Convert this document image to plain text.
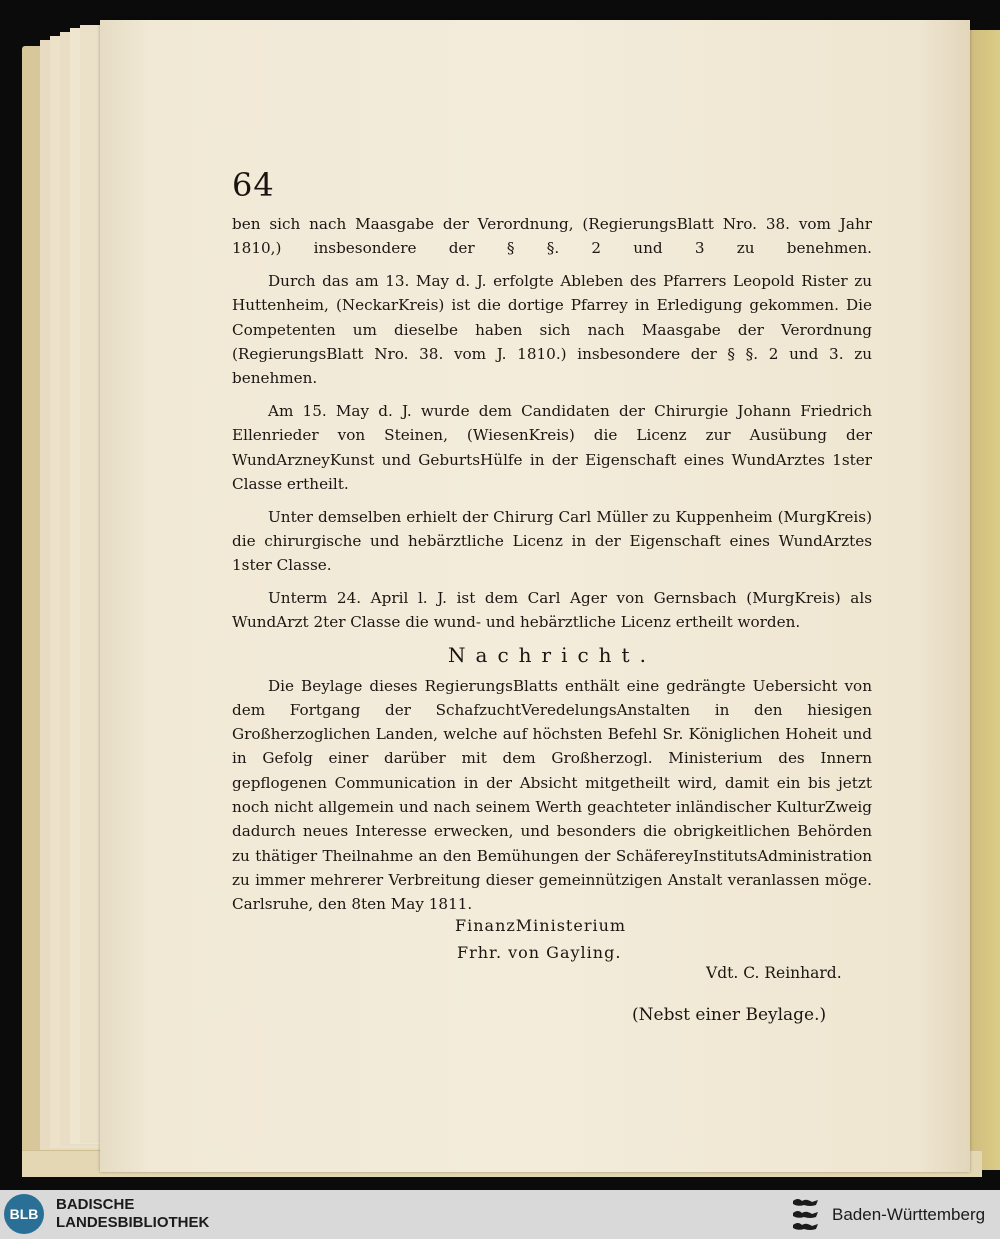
64

ben sich nach Maasgabe der Verordnung, (RegierungsBlatt Nro. 38. vom Jahr 1810,) insbesondere der § §. 2 und 3 zu benehmen.

Durch das am 13. May d. J. erfolgte Ableben des Pfarrers Leopold Rister zu Huttenheim, (NeckarKreis) ist die dortige Pfarrey in Erledigung gekommen. Die Competenten um dieselbe haben sich nach Maasgabe der Verordnung (RegierungsBlatt Nro. 38. vom J. 1810.) insbesondere der § §. 2 und 3. zu benehmen.

Am 15. May d. J. wurde dem Candidaten der Chirurgie Johann Friedrich Ellenrieder von Steinen, (WiesenKreis) die Licenz zur Ausübung der WundArzneyKunst und GeburtsHülfe in der Eigenschaft eines WundArztes 1ster Classe ertheilt.

Unter demselben erhielt der Chirurg Carl Müller zu Kuppenheim (MurgKreis) die chirurgische und hebärztliche Licenz in der Eigenschaft eines WundArztes 1ster Classe.

Unterm 24. April l. J. ist dem Carl Ager von Gernsbach (MurgKreis) als WundArzt 2ter Classe die wund- und hebärztliche Licenz ertheilt worden.

Nachricht.

Die Beylage dieses RegierungsBlatts enthält eine gedrängte Uebersicht von dem Fortgang der SchafzuchtVeredelungsAnstalten in den hiesigen Großherzoglichen Landen, welche auf höchsten Befehl Sr. Königlichen Hoheit und in Gefolg einer darüber mit dem Großherzogl. Ministerium des Innern gepflogenen Communication in der Absicht mitgetheilt wird, damit ein bis jetzt noch nicht allgemein und nach seinem Werth geachteter inländischer KulturZweig dadurch neues Interesse erwecken, und besonders die obrigkeitlichen Behörden zu thätiger Theilnahme an den Bemühungen der SchäfereyInstitutsAdministration zu immer mehrerer Verbreitung dieser gemeinnützigen Anstalt veranlassen möge. Carlsruhe, den 8ten May 1811.

FinanzMinisterium
Frhr. von Gayling.
Vdt. C. Reinhard.
(Nebst einer Beylage.)
BLB
BADISCHE
LANDESBIBLIOTHEK	Baden-Württemberg
